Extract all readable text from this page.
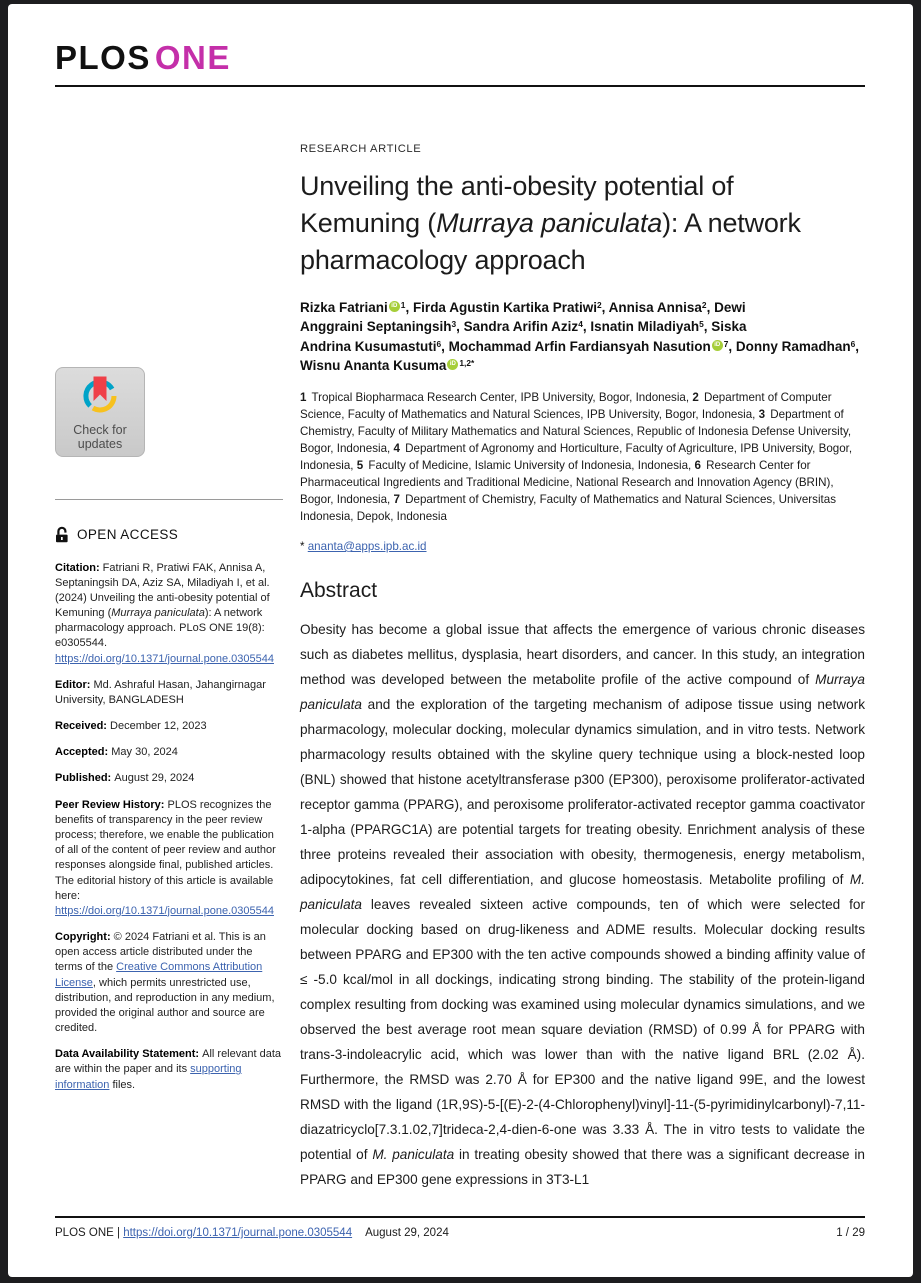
PLOS ONE
Check for
updates
OPEN ACCESS
Citation: Fatriani R, Pratiwi FAK, Annisa A, Septaningsih DA, Aziz SA, Miladiyah I, et al. (2024) Unveiling the anti-obesity potential of Kemuning (Murraya paniculata): A network pharmacology approach. PLoS ONE 19(8): e0305544. https://doi.org/10.1371/journal.pone.0305544
Editor: Md. Ashraful Hasan, Jahangirnagar University, BANGLADESH
Received: December 12, 2023
Accepted: May 30, 2024
Published: August 29, 2024
Peer Review History: PLOS recognizes the benefits of transparency in the peer review process; therefore, we enable the publication of all of the content of peer review and author responses alongside final, published articles. The editorial history of this article is available here: https://doi.org/10.1371/journal.pone.0305544
Copyright: © 2024 Fatriani et al. This is an open access article distributed under the terms of the Creative Commons Attribution License, which permits unrestricted use, distribution, and reproduction in any medium, provided the original author and source are credited.
Data Availability Statement: All relevant data are within the paper and its supporting information files.
RESEARCH ARTICLE
Unveiling the anti-obesity potential of
Kemuning (Murraya paniculata): A network
pharmacology approach
Rizka Fatriani iD $^1$, Firda Agustin Kartika Pratiwi$^2$, Annisa Annisa$^2$, Dewi
Anggraini Septaningsih$^3$, Sandra Arifin Aziz$^4$, Isnatin Miladiyah$^5$, Siska
Andrina Kusumastuti$^6$, Mochammad Arfin Fardiansyah Nasution iD $^7$, Donny Ramadhan$^6$,
Wisnu Ananta Kusuma iD $^{1,2*}$
1 Tropical Biopharmaca Research Center, IPB University, Bogor, Indonesia, 2 Department of Computer Science, Faculty of Mathematics and Natural Sciences, IPB University, Bogor, Indonesia, 3 Department of Chemistry, Faculty of Military Mathematics and Natural Sciences, Republic of Indonesia Defense University, Bogor, Indonesia, 4 Department of Agronomy and Horticulture, Faculty of Agriculture, IPB University, Bogor, Indonesia, 5 Faculty of Medicine, Islamic University of Indonesia, Indonesia, 6 Research Center for Pharmaceutical Ingredients and Traditional Medicine, National Research and Innovation Agency (BRIN), Bogor, Indonesia, 7 Department of Chemistry, Faculty of Mathematics and Natural Sciences, Universitas Indonesia, Depok, Indonesia
* ananta@apps.ipb.ac.id
Abstract
Obesity has become a global issue that affects the emergence of various chronic diseases such as diabetes mellitus, dysplasia, heart disorders, and cancer. In this study, an integration method was developed between the metabolite profile of the active compound of Murraya paniculata and the exploration of the targeting mechanism of adipose tissue using network pharmacology, molecular docking, molecular dynamics simulation, and in vitro tests. Network pharmacology results obtained with the skyline query technique using a block-nested loop (BNL) showed that histone acetyltransferase p300 (EP300), peroxisome proliferator-activated receptor gamma (PPARG), and peroxisome proliferator-activated receptor gamma coactivator 1-alpha (PPARGC1A) are potential targets for treating obesity. Enrichment analysis of these three proteins revealed their association with obesity, thermogenesis, energy metabolism, adipocytokines, fat cell differentiation, and glucose homeostasis. Metabolite profiling of M. paniculata leaves revealed sixteen active compounds, ten of which were selected for molecular docking based on drug-likeness and ADME results. Molecular docking results between PPARG and EP300 with the ten active compounds showed a binding affinity value of ≤ -5.0 kcal/mol in all dockings, indicating strong binding. The stability of the protein-ligand complex resulting from docking was examined using molecular dynamics simulations, and we observed the best average root mean square deviation (RMSD) of 0.99 Å for PPARG with trans-3-indoleacrylic acid, which was lower than with the native ligand BRL (2.02 Å). Furthermore, the RMSD was 2.70 Å for EP300 and the native ligand 99E, and the lowest RMSD with the ligand (1R,9S)-5-[(E)-2-(4-Chlorophenyl)vinyl]-11-(5-pyrimidinylcarbonyl)-7,11-diazatricyclo[7.3.1.02,7]trideca-2,4-dien-6-one was 3.33 Å. The in vitro tests to validate the potential of M. paniculata in treating obesity showed that there was a significant decrease in PPARG and EP300 gene expressions in 3T3-L1
PLOS ONE | https://doi.org/10.1371/journal.pone.0305544 August 29, 2024	1 / 29
